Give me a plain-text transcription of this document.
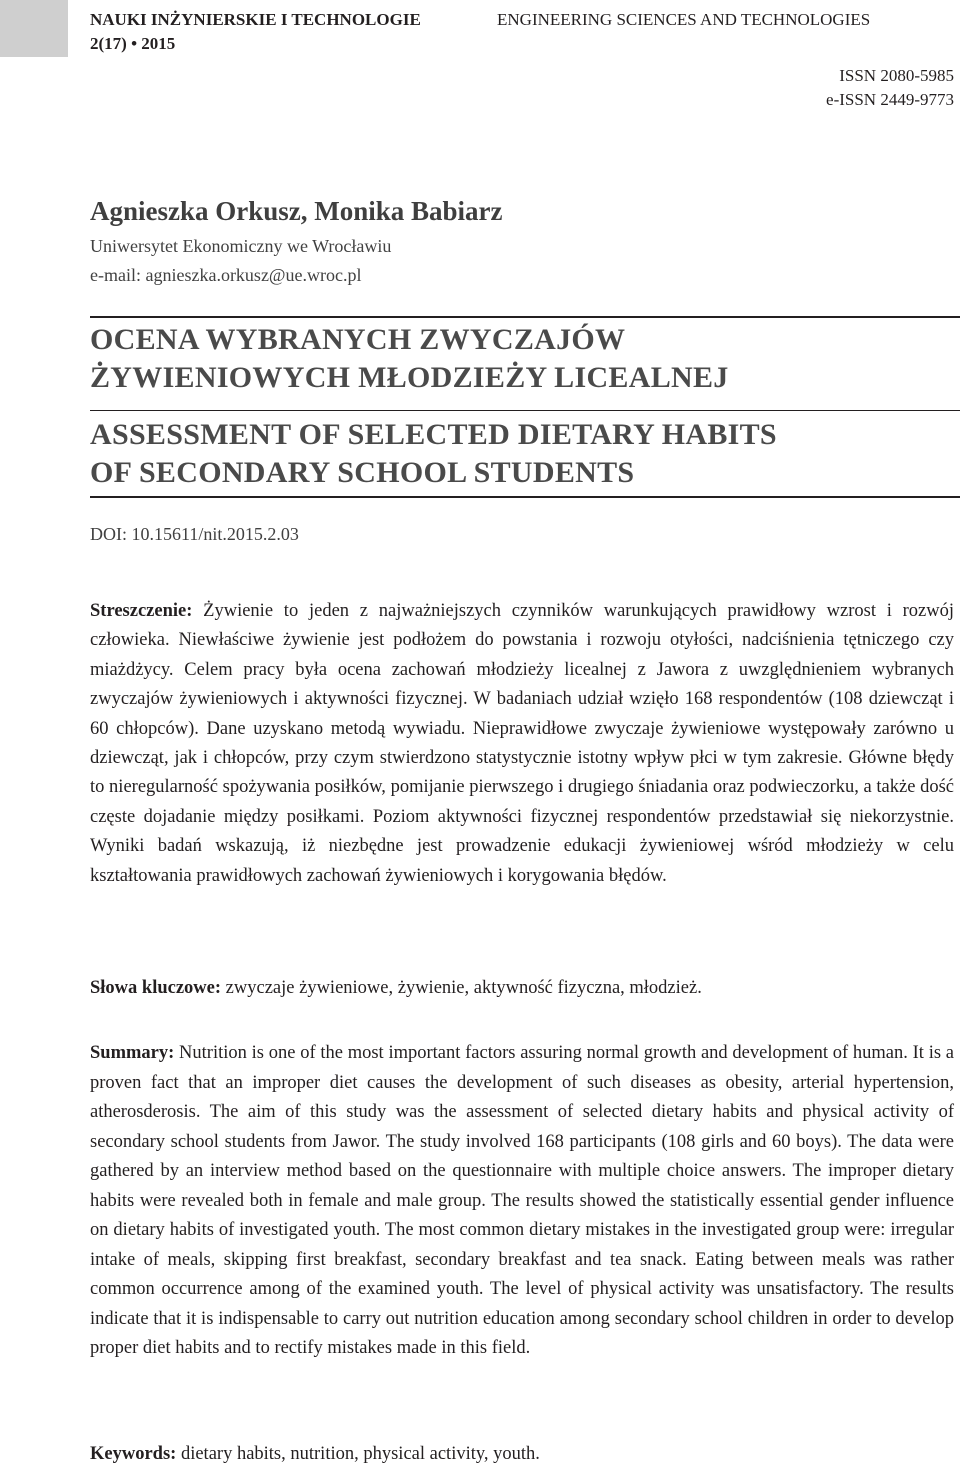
NAUKI INŻYNIERSKIE I TECHNOLOGIE
2(17) • 2015
ENGINEERING SCIENCES AND TECHNOLOGIES
ISSN 2080-5985
e-ISSN 2449-9773
Agnieszka Orkusz, Monika Babiarz
Uniwersytet Ekonomiczny we Wrocławiu
e-mail: agnieszka.orkusz@ue.wroc.pl
OCENA WYBRANYCH ZWYCZAJÓW
ŻYWIENIOWYCH MŁODZIEŻY LICEALNEJ
ASSESSMENT OF SELECTED DIETARY HABITS
OF SECONDARY SCHOOL STUDENTS
DOI: 10.15611/nit.2015.2.03
Streszczenie: Żywienie to jeden z najważniejszych czynników warunkujących prawidłowy wzrost i rozwój człowieka. Niewłaściwe żywienie jest podłożem do powstania i rozwoju otyłości, nadciśnienia tętniczego czy miażdżycy. Celem pracy była ocena zachowań młodzieży licealnej z Jawora z uwzględnieniem wybranych zwyczajów żywieniowych i aktywności fizycznej. W badaniach udział wzięło 168 respondentów (108 dziewcząt i 60 chłopców). Dane uzyskano metodą wywiadu. Nieprawidłowe zwyczaje żywieniowe występowały zarówno u dziewcząt, jak i chłopców, przy czym stwierdzono statystycznie istotny wpływ płci w tym zakresie. Główne błędy to nieregularność spożywania posiłków, pomijanie pierwszego i drugiego śniadania oraz podwieczorku, a także dość częste dojadanie między posiłkami. Poziom aktywności fizycznej respondentów przedstawiał się niekorzystnie. Wyniki badań wskazują, iż niezbędne jest prowadzenie edukacji żywieniowej wśród młodzieży w celu kształtowania prawidłowych zachowań żywieniowych i korygowania błędów.
Słowa kluczowe: zwyczaje żywieniowe, żywienie, aktywność fizyczna, młodzież.
Summary: Nutrition is one of the most important factors assuring normal growth and development of human. It is a proven fact that an improper diet causes the development of such diseases as obesity, arterial hypertension, atherosderosis. The aim of this study was the assessment of selected dietary habits and physical activity of secondary school students from Jawor. The study involved 168 participants (108 girls and 60 boys). The data were gathered by an interview method based on the questionnaire with multiple choice answers. The improper dietary habits were revealed both in female and male group. The results showed the statistically essential gender influence on dietary habits of investigated youth. The most common dietary mistakes in the investigated group were: irregular intake of meals, skipping first breakfast, secondary breakfast and tea snack. Eating between meals was rather common occurrence among of the examined youth. The level of physical activity was unsatisfactory. The results indicate that it is indispensable to carry out nutrition education among secondary school children in order to develop proper diet habits and to rectify mistakes made in this field.
Keywords: dietary habits, nutrition, physical activity, youth.
